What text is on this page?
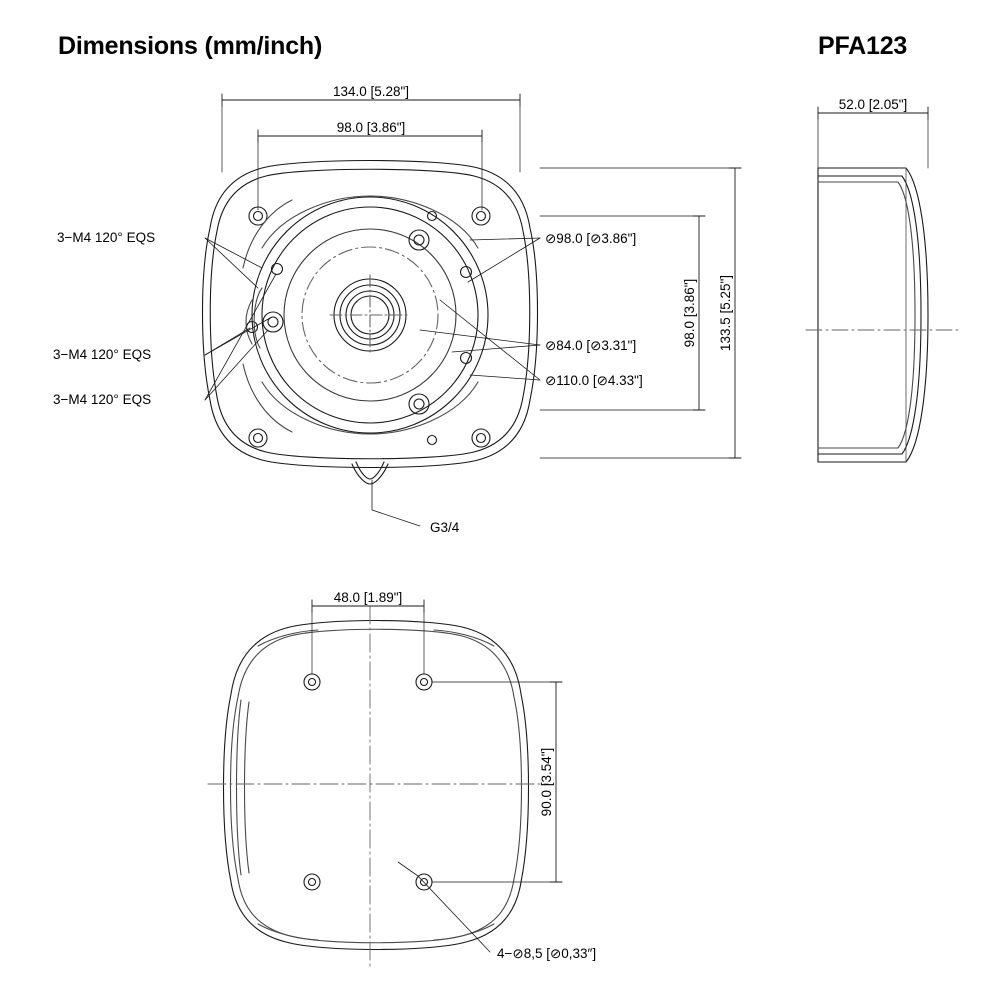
Dimensions (mm/inch)	PFA123
134.0 [5.28"]
98.0 [3.86"]
⊘98.0 [⊘3.86"]
⊘84.0 [⊘3.31"]
⊘110.0 [⊘4.33"]
98.0 [3.86"] 133.5 [5.25"]
3−M4 120° EQS
3−M4 120° EQS
3−M4 120° EQS
G3/4
52.0 [2.05"]
48.0 [1.89"]
90.0 [3.54"]
4−⊘8,5 [⊘0,33″]
